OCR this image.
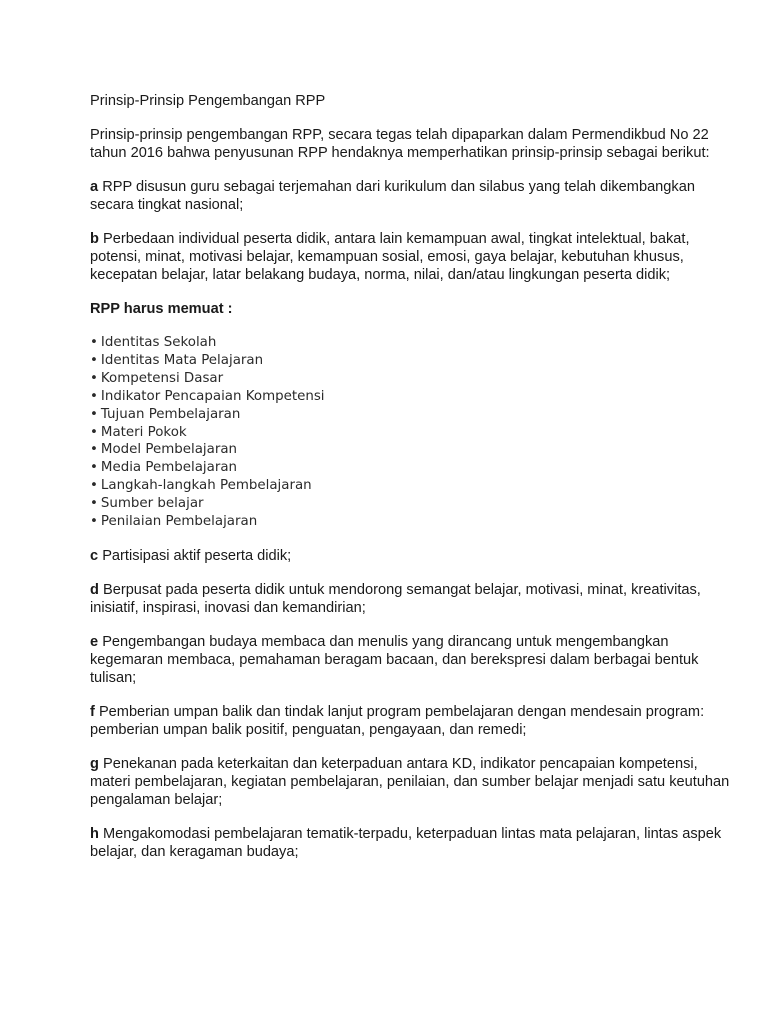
Prinsip-Prinsip Pengembangan RPP

Prinsip-prinsip pengembangan RPP, secara tegas telah dipaparkan dalam Permendikbud No 22 tahun 2016 bahwa penyusunan RPP hendaknya memperhatikan prinsip-prinsip sebagai berikut:

a RPP disusun guru sebagai terjemahan dari kurikulum dan silabus yang telah dikembangkan secara tingkat nasional;

b Perbedaan individual peserta didik, antara lain kemampuan awal, tingkat intelektual, bakat, potensi, minat, motivasi belajar, kemampuan sosial, emosi, gaya belajar, kebutuhan khusus, kecepatan belajar, latar belakang budaya, norma, nilai, dan/atau lingkungan peserta didik;

RPP harus memuat :

• Identitas Sekolah
• Identitas Mata Pelajaran
• Kompetensi Dasar
• Indikator Pencapaian Kompetensi
• Tujuan Pembelajaran
• Materi Pokok
• Model Pembelajaran
• Media Pembelajaran
• Langkah-langkah Pembelajaran
• Sumber belajar
• Penilaian Pembelajaran

c Partisipasi aktif peserta didik;

d Berpusat pada peserta didik untuk mendorong semangat belajar, motivasi, minat, kreativitas, inisiatif, inspirasi, inovasi dan kemandirian;

e Pengembangan budaya membaca dan menulis yang dirancang untuk mengembangkan kegemaran membaca, pemahaman beragam bacaan, dan berekspresi dalam berbagai bentuk tulisan;

f Pemberian umpan balik dan tindak lanjut program pembelajaran dengan mendesain program: pemberian umpan balik positif, penguatan, pengayaan, dan remedi;

g Penekanan pada keterkaitan dan keterpaduan antara KD, indikator pencapaian kompetensi, materi pembelajaran, kegiatan pembelajaran, penilaian, dan sumber belajar menjadi satu keutuhan pengalaman belajar;

h Mengakomodasi pembelajaran tematik-terpadu, keterpaduan lintas mata pelajaran, lintas aspek belajar, dan keragaman budaya;
